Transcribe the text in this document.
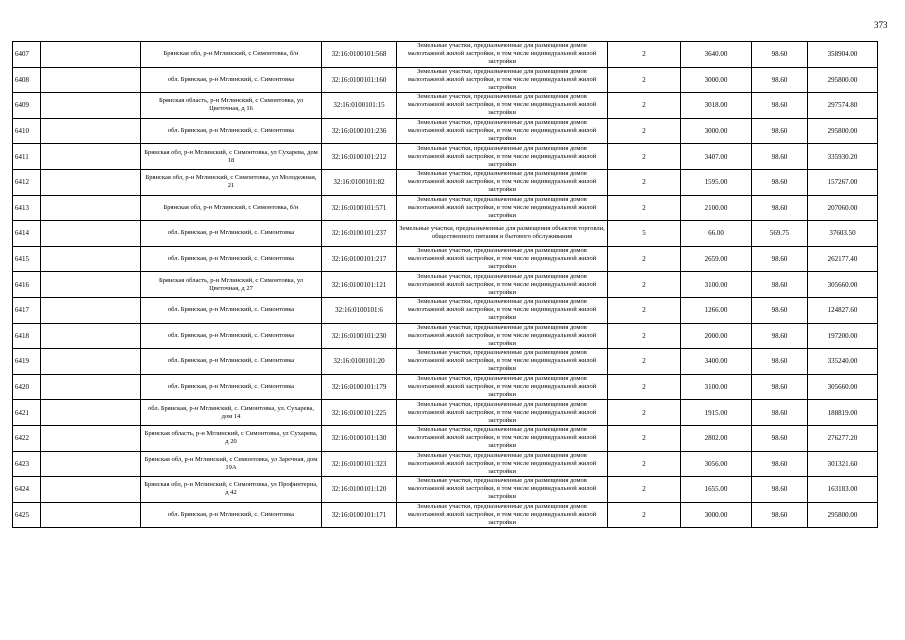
373
6407		Брянская обл, р-н Мглинский, с Симонтовка, б/н	32:16:0100101:568	Земельные участки, предназначенные для размещения домов малоэтажной жилой застройки, в том числе индивидуальной жилой застройки	2	3640.00	98.60	358904.00
6408		обл. Брянская, р-н Мглинский, с. Симонтовка	32:16:0100101:160	Земельные участки, предназначенные для размещения домов малоэтажной жилой застройки, в том числе индивидуальной жилой застройки	2	3000.00	98.60	295800.00
6409		Брянская область, р-н Мглинский, с Симонтовка, ул Цветочная, д 16	32:16:0100101:15	Земельные участки, предназначенные для размещения домов малоэтажной жилой застройки, в том числе индивидуальной жилой застройки	2	3018.00	98.60	297574.80
6410		обл. Брянская, р-н Мглинский, с. Симонтовка	32:16:0100101:236	Земельные участки, предназначенные для размещения домов малоэтажной жилой застройки, в том числе индивидуальной жилой застройки	2	3000.00	98.60	295800.00
6411		Брянская обл, р-н Мглинский, с Симонтовка, ул Сухарева, дом 18	32:16:0100101:212	Земельные участки, предназначенные для размещения домов малоэтажной жилой застройки, в том числе индивидуальной жилой застройки	2	3407.00	98.60	335930.20
6412		Брянская обл, р-н Мглинский, с Симонтовка, ул Молодежная, 21	32:16:0100101:82	Земельные участки, предназначенные для размещения домов малоэтажной жилой застройки, в том числе индивидуальной жилой застройки	2	1595.00	98.60	157267.00
6413		Брянская обл, р-н Мглинский, с Симонтовка, б/н	32:16:0100101:571	Земельные участки, предназначенные для размещения домов малоэтажной жилой застройки, в том числе индивидуальной жилой застройки	2	2100.00	98.60	207060.00
6414		обл. Брянская, р-н Мглинский, с. Симонтовка	32:16:0100101:237	Земельные участки, предназначенные для размещения объектов торговли, общественного питания и бытового обслуживания	5	66.00	569.75	37603.50
6415		обл. Брянская, р-н Мглинский, с. Симонтовка	32:16:0100101:217	Земельные участки, предназначенные для размещения домов малоэтажной жилой застройки, в том числе индивидуальной жилой застройки	2	2659.00	98.60	262177.40
6416		Брянская область, р-н Мглинский, с Симонтовка, ул Цветочная, д 27	32:16:0100101:121	Земельные участки, предназначенные для размещения домов малоэтажной жилой застройки, в том числе индивидуальной жилой застройки	2	3100.00	98.60	305660.00
6417		обл. Брянская, р-н Мглинский, с. Симонтовка	32:16:0100101:6	Земельные участки, предназначенные для размещения домов малоэтажной жилой застройки, в том числе индивидуальной жилой застройки	2	1266.00	98.60	124827.60
6418		обл. Брянская, р-н Мглинский, с. Симонтовка	32:16:0100101:230	Земельные участки, предназначенные для размещения домов малоэтажной жилой застройки, в том числе индивидуальной жилой застройки	2	2000.00	98.60	197200.00
6419		обл. Брянская, р-н Мглинский, с. Симонтовка	32:16:0100101:20	Земельные участки, предназначенные для размещения домов малоэтажной жилой застройки, в том числе индивидуальной жилой застройки	2	3400.00	98.60	335240.00
6420		обл. Брянская, р-н Мглинский, с. Симонтовка	32:16:0100101:179	Земельные участки, предназначенные для размещения домов малоэтажной жилой застройки, в том числе индивидуальной жилой застройки	2	3100.00	98.60	305660.00
6421		обл. Брянская, р-н Мглинский, с. Симонтовка, ул. Сухарева, дом 14	32:16:0100101:225	Земельные участки, предназначенные для размещения домов малоэтажной жилой застройки, в том числе индивидуальной жилой застройки	2	1915.00	98.60	188819.00
6422		Брянская область, р-н Мглинский, с Симонтовка, ул Сухарева, д 20	32:16:0100101:130	Земельные участки, предназначенные для размещения домов малоэтажной жилой застройки, в том числе индивидуальной жилой застройки	2	2802.00	98.60	276277.20
6423		Брянская обл, р-н Мглинский, с Симонтовка, ул Заречная, дом 19А	32:16:0100101:323	Земельные участки, предназначенные для размещения домов малоэтажной жилой застройки, в том числе индивидуальной жилой застройки	2	3056.00	98.60	301321.60
6424		Брянская обл, р-н Мглинский, с Симонтовка, ул Профинтерна, д 42	32:16:0100101:120	Земельные участки, предназначенные для размещения домов малоэтажной жилой застройки, в том числе индивидуальной жилой застройки	2	1655.00	98.60	163183.00
6425		обл. Брянская, р-н Мглинский, с. Симонтовка	32:16:0100101:171	Земельные участки, предназначенные для размещения домов малоэтажной жилой застройки, в том числе индивидуальной жилой застройки	2	3000.00	98.60	295800.00
